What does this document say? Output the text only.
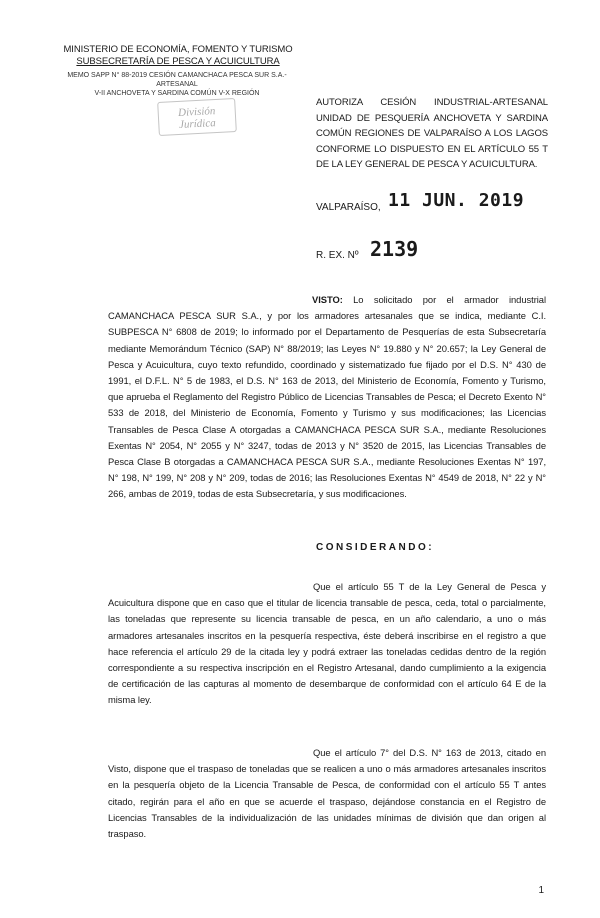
MINISTERIO DE ECONOMÍA, FOMENTO Y TURISMO
SUBSECRETARÍA DE PESCA Y ACUICULTURA
MEMO SAPP N° 88-2019 CESIÓN CAMANCHACA PESCA SUR S.A.-ARTESANAL
V-II ANCHOVETA Y SARDINA COMÚN V-X REGIÓN
División
Jurídica
AUTORIZA CESIÓN INDUSTRIAL-ARTESANAL UNIDAD DE PESQUERÍA ANCHOVETA Y SARDINA COMÚN REGIONES DE VALPARAÍSO A LOS LAGOS CONFORME LO DISPUESTO EN EL ARTÍCULO 55 T DE LA LEY GENERAL DE PESCA Y ACUICULTURA.
VALPARAÍSO, 11 JUN. 2019
R. EX. Nº 2139
VISTO: Lo solicitado por el armador industrial CAMANCHACA PESCA SUR S.A., y por los armadores artesanales que se indica, mediante C.I. SUBPESCA N° 6808 de 2019; lo informado por el Departamento de Pesquerías de esta Subsecretaría mediante Memorándum Técnico (SAP) N° 88/2019; las Leyes N° 19.880 y N° 20.657; la Ley General de Pesca y Acuicultura, cuyo texto refundido, coordinado y sistematizado fue fijado por el D.S. N° 430 de 1991, el D.F.L. N° 5 de 1983, el D.S. N° 163 de 2013, del Ministerio de Economía, Fomento y Turismo, que aprueba el Reglamento del Registro Público de Licencias Transables de Pesca; el Decreto Exento N° 533 de 2018, del Ministerio de Economía, Fomento y Turismo y sus modificaciones; las Licencias Transables de Pesca Clase A otorgadas a CAMANCHACA PESCA SUR S.A., mediante Resoluciones Exentas N° 2054, N° 2055 y N° 3247, todas de 2013 y N° 3520 de 2015, las Licencias Transables de Pesca Clase B otorgadas a CAMANCHACA PESCA SUR S.A., mediante Resoluciones Exentas N° 197, N° 198, N° 199, N° 208 y N° 209, todas de 2016; las Resoluciones Exentas N° 4549 de 2018, N° 22 y N° 266, ambas de 2019, todas de esta Subsecretaría, y sus modificaciones.
CONSIDERANDO:
Que el artículo 55 T de la Ley General de Pesca y Acuicultura dispone que en caso que el titular de licencia transable de pesca, ceda, total o parcialmente, las toneladas que represente su licencia transable de pesca, en un año calendario, a uno o más armadores artesanales inscritos en la pesquería respectiva, éste deberá inscribirse en el registro a que hace referencia el artículo 29 de la citada ley y podrá extraer las toneladas cedidas dentro de la región correspondiente a su respectiva inscripción en el Registro Artesanal, dando cumplimiento a la exigencia de certificación de las capturas al momento de desembarque de conformidad con el artículo 64 E de la misma ley.
Que el artículo 7° del D.S. N° 163 de 2013, citado en Visto, dispone que el traspaso de toneladas que se realicen a uno o más armadores artesanales inscritos en la pesquería objeto de la Licencia Transable de Pesca, de conformidad con el artículo 55 T antes citado, regirán para el año en que se acuerde el traspaso, dejándose constancia en el Registro de Licencias Transables de la individualización de las unidades mínimas de división que dan origen al traspaso.
1
